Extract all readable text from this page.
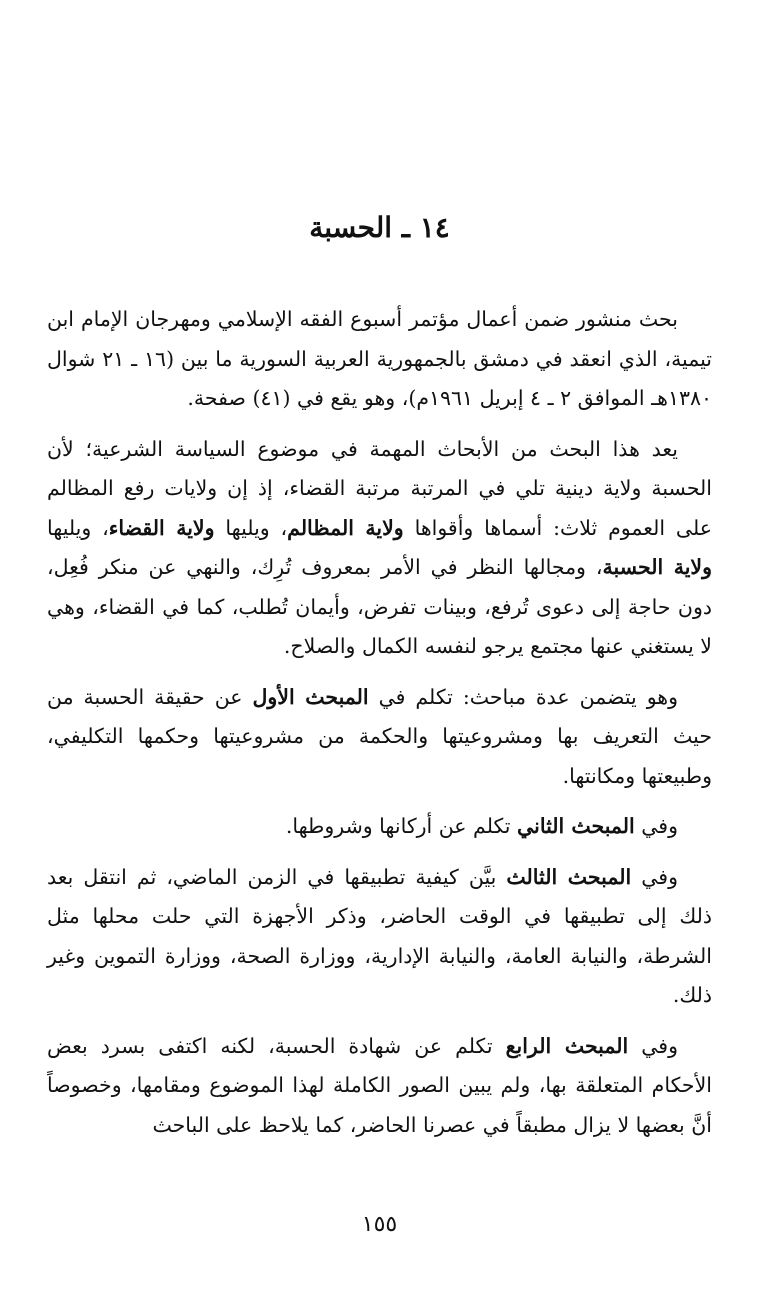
١٤ ـ الحسبة

بحث منشور ضمن أعمال مؤتمر أسبوع الفقه الإسلامي ومهرجان الإمام ابن تيمية، الذي انعقد في دمشق بالجمهورية العربية السورية ما بين (١٦ ـ ٢١ شوال ١٣٨٠هـ الموافق ٢ ـ ٤ إبريل ١٩٦١م)، وهو يقع في (٤١) صفحة.

يعد هذا البحث من الأبحاث المهمة في موضوع السياسة الشرعية؛ لأن الحسبة ولاية دينية تلي في المرتبة مرتبة القضاء، إذ إن ولايات رفع المظالم على العموم ثلاث: أسماها وأقواها ولاية المظالم، ويليها ولاية القضاء، ويليها ولاية الحسبة، ومجالها النظر في الأمر بمعروف تُرِك، والنهي عن منكر فُعِل، دون حاجة إلى دعوى تُرفع، وبينات تفرض، وأيمان تُطلب، كما في القضاء، وهي لا يستغني عنها مجتمع يرجو لنفسه الكمال والصلاح.

وهو يتضمن عدة مباحث: تكلم في المبحث الأول عن حقيقة الحسبة من حيث التعريف بها ومشروعيتها والحكمة من مشروعيتها وحكمها التكليفي، وطبيعتها ومكانتها.

وفي المبحث الثاني تكلم عن أركانها وشروطها.

وفي المبحث الثالث بيَّن كيفية تطبيقها في الزمن الماضي، ثم انتقل بعد ذلك إلى تطبيقها في الوقت الحاضر، وذكر الأجهزة التي حلت محلها مثل الشرطة، والنيابة العامة، والنيابة الإدارية، ووزارة الصحة، ووزارة التموين وغير ذلك.

وفي المبحث الرابع تكلم عن شهادة الحسبة، لكنه اكتفى بسرد بعض الأحكام المتعلقة بها، ولم يبين الصور الكاملة لهذا الموضوع ومقامها، وخصوصاً أنَّ بعضها لا يزال مطبقاً في عصرنا الحاضر، كما يلاحظ على الباحث

١٥٥
